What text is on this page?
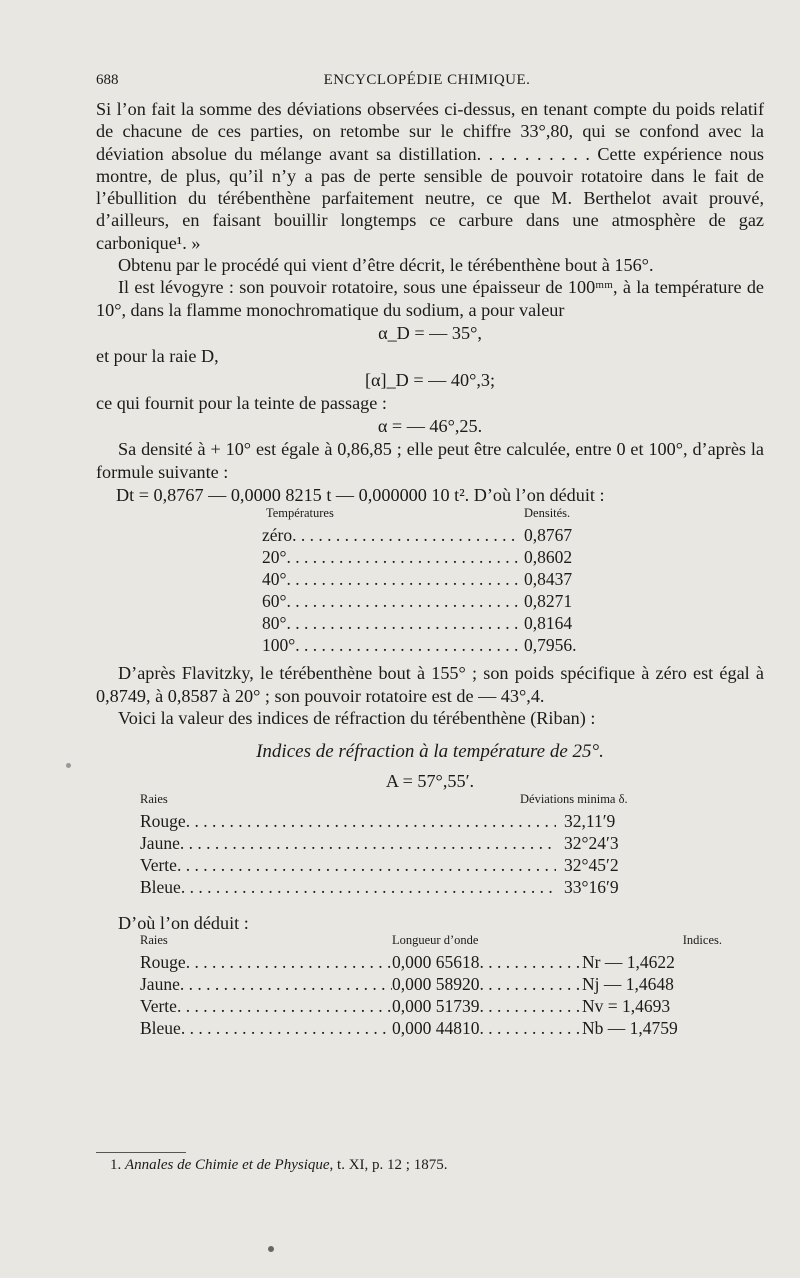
688	ENCYCLOPÉDIE CHIMIQUE.

Si l’on fait la somme des déviations observées ci-dessus, en tenant compte du poids relatif de chacune de ces parties, on retombe sur le chiffre 33°,80, qui se confond avec la déviation absolue du mélange avant sa distillation. . . . . . . . . . Cette expérience nous montre, de plus, qu’il n’y a pas de perte sensible de pouvoir rotatoire dans le fait de l’ébullition du térébenthène parfaitement neutre, ce que M. Berthelot avait prouvé, d’ailleurs, en faisant bouillir longtemps ce carbure dans une atmosphère de gaz carbonique¹. »

Obtenu par le procédé qui vient d’être décrit, le térébenthène bout à 156°.

Il est lévogyre : son pouvoir rotatoire, sous une épaisseur de 100ᵐᵐ, à la température de 10°, dans la flamme monochromatique du sodium, a pour valeur

α_D = — 35°,

et pour la raie D,

[α]_D = — 40°,3;

ce qui fournit pour la teinte de passage :

α = — 46°,25.

Sa densité à + 10° est égale à 0,86,85 ; elle peut être calculée, entre 0 et 100°, d’après la formule suivante :

Dt = 0,8767 — 0,0000 8215 t — 0,000000 10 t². D’où l’on déduit :
Températures	Densités.
zéro . . .	0,8767
20° . . .	0,8602
40° . . .	0,8437
60° . . .	0,8271
80° . . .	0,8164
100° . . .	0,7956.

D’après Flavitzky, le térébenthène bout à 155° ; son poids spécifique à zéro est égal à 0,8749, à 0,8587 à 20° ; son pouvoir rotatoire est de — 43°,4.

Voici la valeur des indices de réfraction du térébenthène (Riban) :

Indices de réfraction à la température de 25°.
A = 57°,55′.
Raies	Déviations minima δ.
Rouge . . .	32,11′9
Jaune . . .	32°24′3
Verte . . .	32°45′2
Bleue . . .	33°16′9

D’où l’on déduit :

Raies	Longueur d’onde	Indices.
Rouge . . .	0,000 65618 . . .	Nr — 1,4622
Jaune . . .	0,000 58920 . . .	Nj — 1,4648
Verte . . .	0,000 51739 . . .	Nv = 1,4693
Bleue . . .	0,000 44810 . . .	Nb — 1,4759
1. Annales de Chimie et de Physique, t. XI, p. 12 ; 1875.
